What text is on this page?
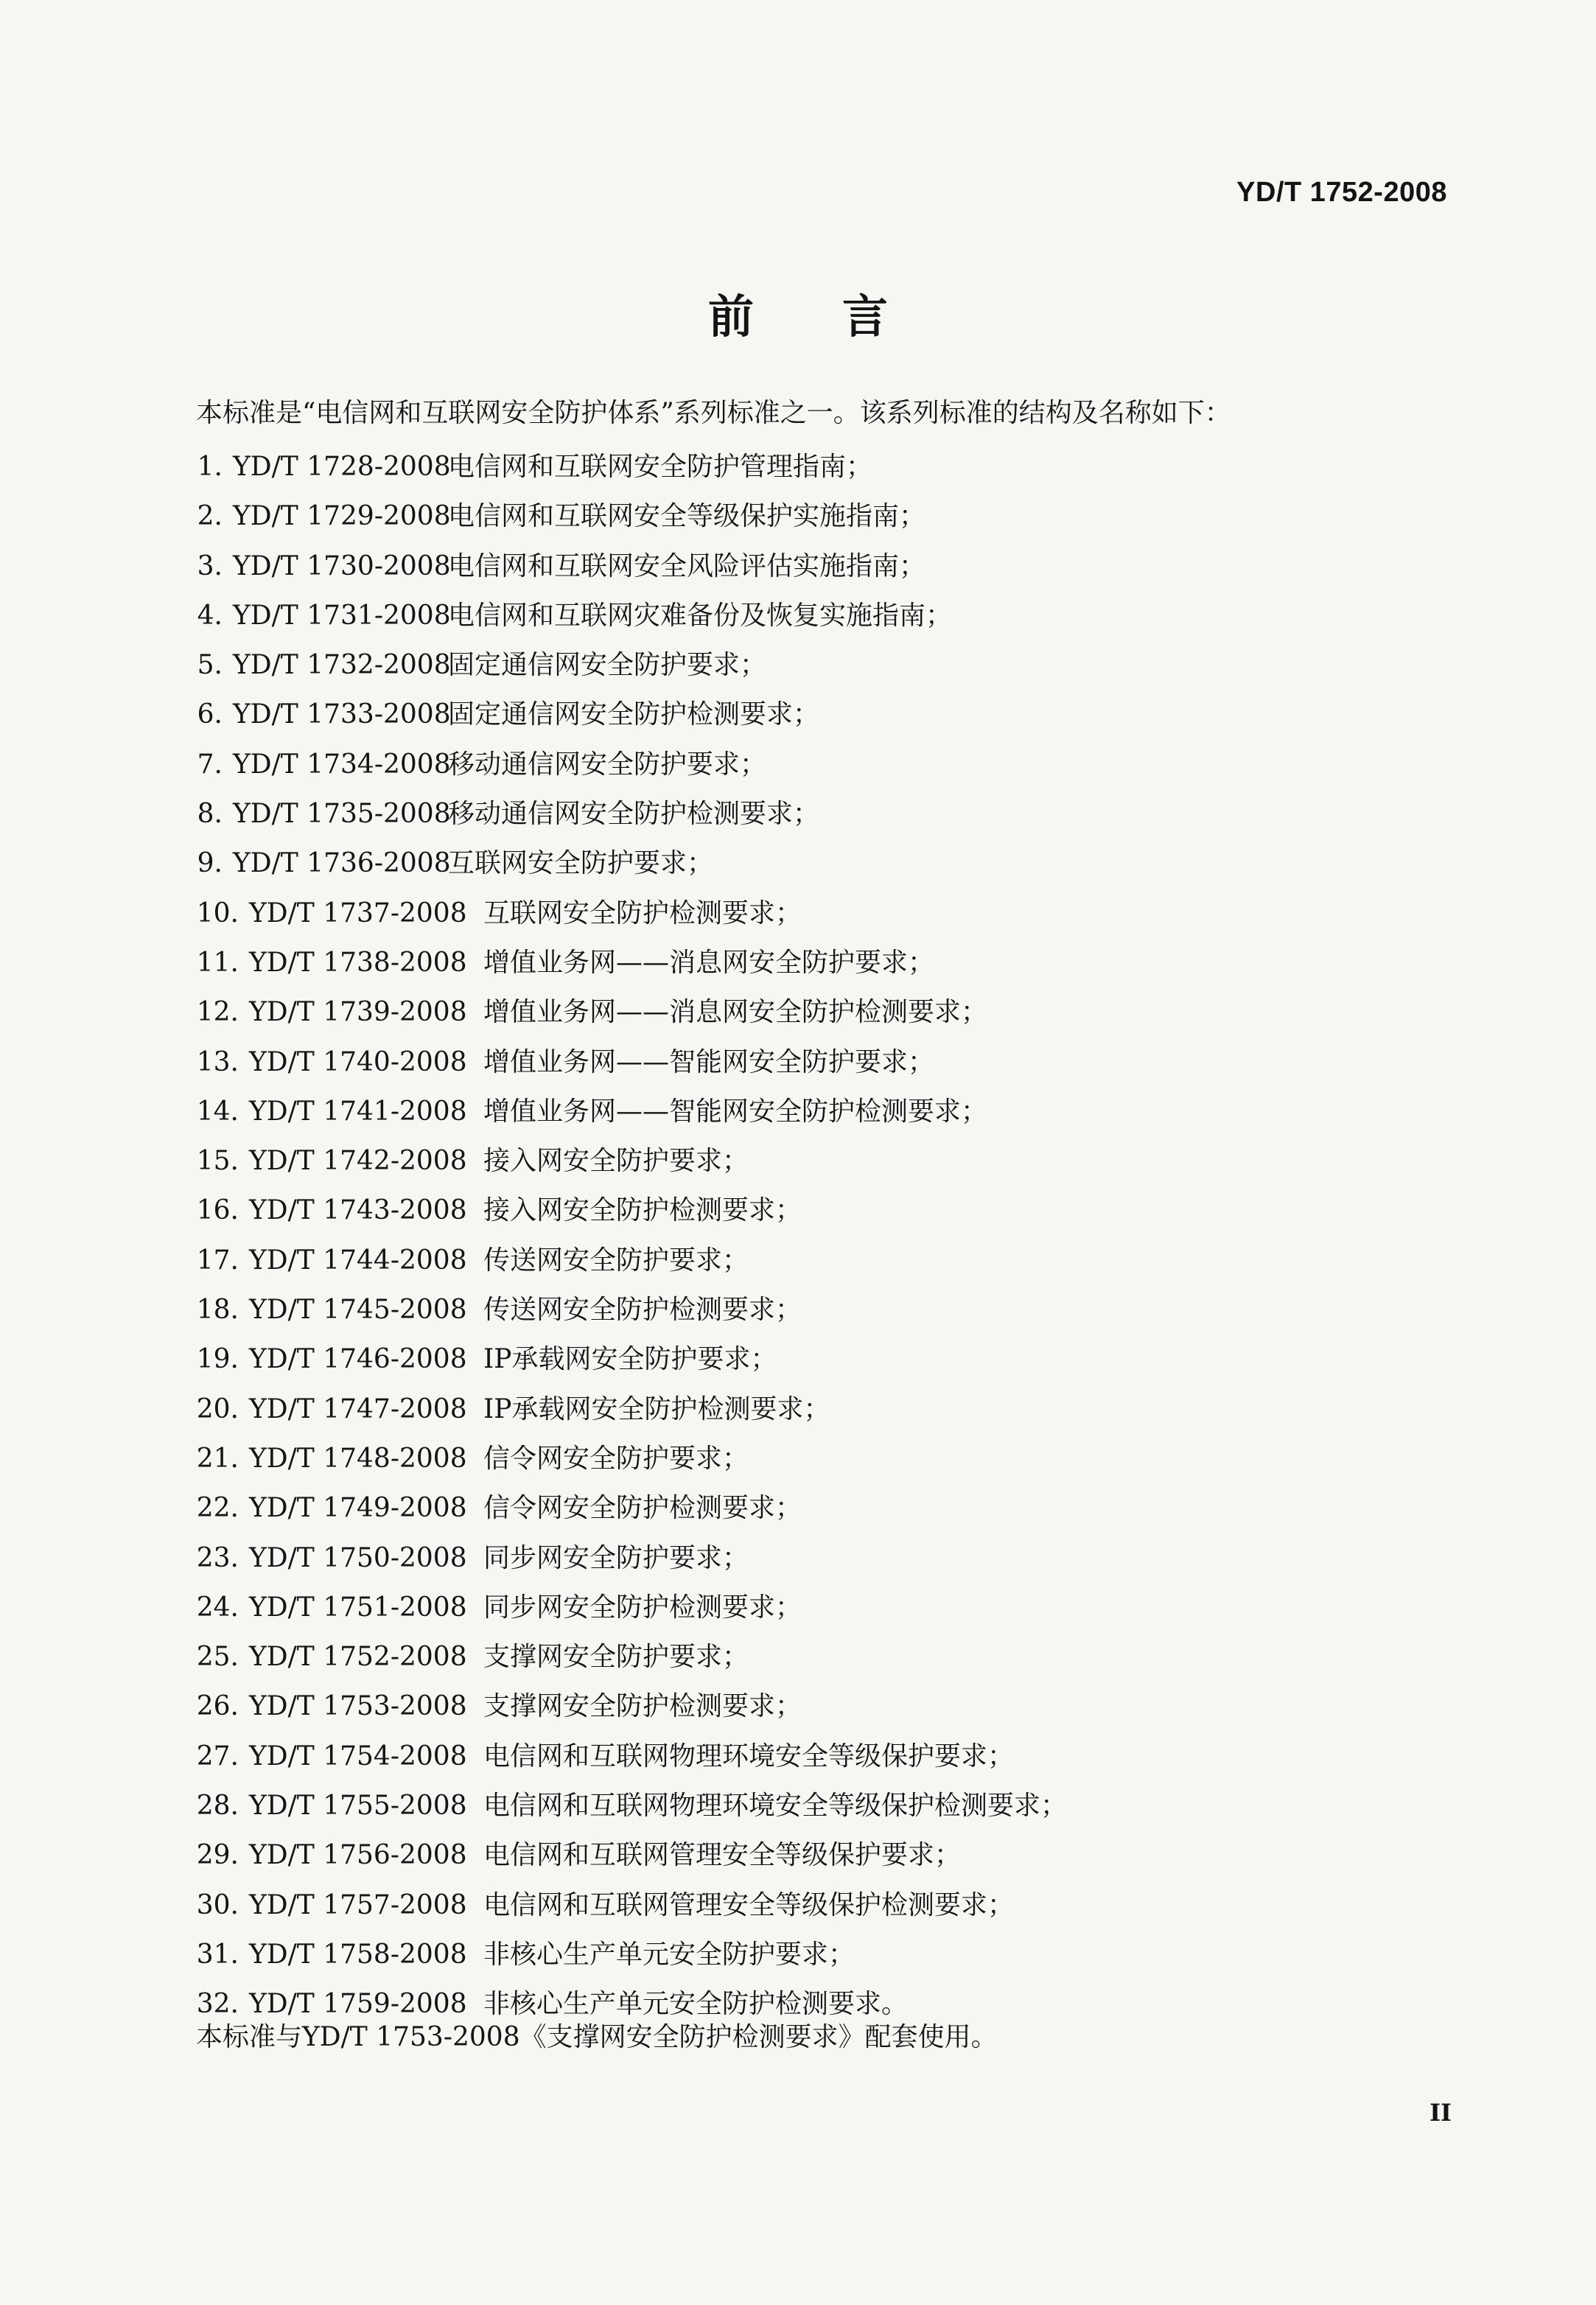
YD/T 1752-2008
前言
本标准是“电信网和互联网安全防护体系”系列标准之一。该系列标准的结构及名称如下：
1. YD/T 1728-2008
电信网和互联网安全防护管理指南；
2. YD/T 1729-2008
电信网和互联网安全等级保护实施指南；
3. YD/T 1730-2008
电信网和互联网安全风险评估实施指南；
4. YD/T 1731-2008
电信网和互联网灾难备份及恢复实施指南；
5. YD/T 1732-2008
固定通信网安全防护要求；
6. YD/T 1733-2008
固定通信网安全防护检测要求；
7. YD/T 1734-2008
移动通信网安全防护要求；
8. YD/T 1735-2008
移动通信网安全防护检测要求；
9. YD/T 1736-2008
互联网安全防护要求；
10. YD/T 1737-2008 互联网安全防护检测要求；
11. YD/T 1738-2008 增值业务网——消息网安全防护要求；
12. YD/T 1739-2008 增值业务网——消息网安全防护检测要求；
13. YD/T 1740-2008 增值业务网——智能网安全防护要求；
14. YD/T 1741-2008 增值业务网——智能网安全防护检测要求；
15. YD/T 1742-2008 接入网安全防护要求；
16. YD/T 1743-2008 接入网安全防护检测要求；
17. YD/T 1744-2008 传送网安全防护要求；
18. YD/T 1745-2008 传送网安全防护检测要求；
19. YD/T 1746-2008 IP承载网安全防护要求；
20. YD/T 1747-2008 IP承载网安全防护检测要求；
21. YD/T 1748-2008 信令网安全防护要求；
22. YD/T 1749-2008 信令网安全防护检测要求；
23. YD/T 1750-2008 同步网安全防护要求；
24. YD/T 1751-2008 同步网安全防护检测要求；
25. YD/T 1752-2008 支撑网安全防护要求；
26. YD/T 1753-2008 支撑网安全防护检测要求；
27. YD/T 1754-2008 电信网和互联网物理环境安全等级保护要求；
28. YD/T 1755-2008 电信网和互联网物理环境安全等级保护检测要求；
29. YD/T 1756-2008 电信网和互联网管理安全等级保护要求；
30. YD/T 1757-2008 电信网和互联网管理安全等级保护检测要求；
31. YD/T 1758-2008 非核心生产单元安全防护要求；
32. YD/T 1759-2008 非核心生产单元安全防护检测要求。
本标准与YD/T 1753-2008《支撑网安全防护检测要求》配套使用。
II
